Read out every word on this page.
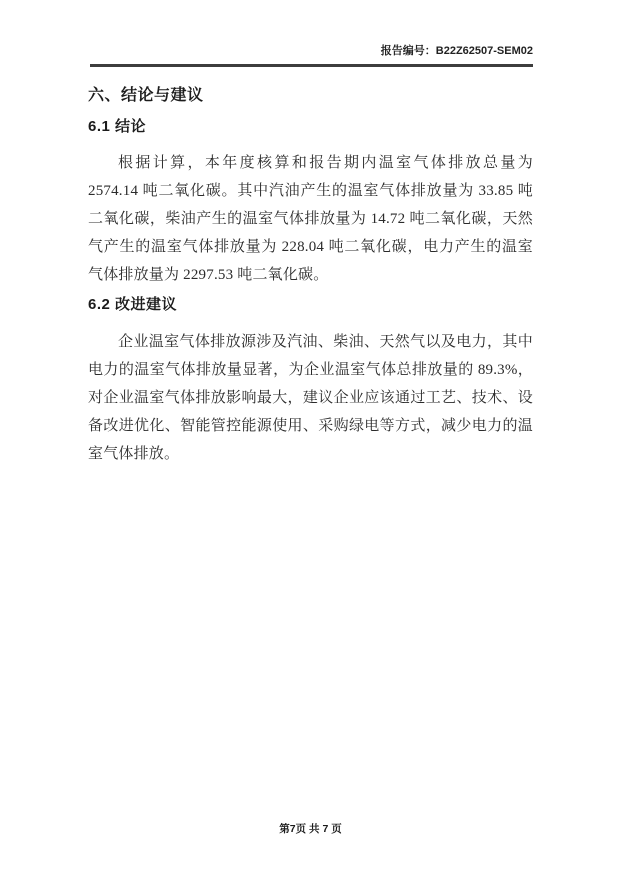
报告编号：B22Z62507-SEM02
六、结论与建议
6.1 结论

根据计算，本年度核算和报告期内温室气体排放总量为 2574.14 吨二氧化碳。其中汽油产生的温室气体排放量为 33.85 吨二氧化碳，柴油产生的温室气体排放量为 14.72 吨二氧化碳，天然气产生的温室气体排放量为 228.04 吨二氧化碳，电力产生的温室气体排放量为 2297.53 吨二氧化碳。

6.2 改进建议

企业温室气体排放源涉及汽油、柴油、天然气以及电力，其中电力的温室气体排放量显著，为企业温室气体总排放量的 89.3%，对企业温室气体排放影响最大，建议企业应该通过工艺、技术、设备改进优化、智能管控能源使用、采购绿电等方式，减少电力的温室气体排放。

第7页 共 7 页
